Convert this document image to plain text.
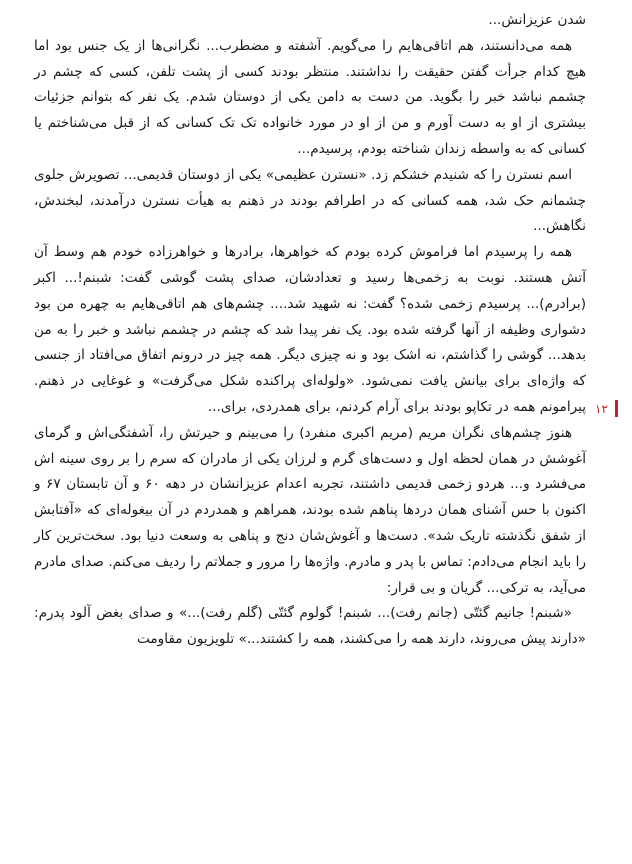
شدن عزیزانش...

همه می‌دانستند، هم اتاقی‌هایم را می‌گویم. آشفته و مضطرب... نگرانی‌ها از یک جنس بود اما هیچ کدام جرأت گفتن حقیقت را نداشتند. منتظر بودند کسی از پشت تلفن، کسی که چشم در چشمم نباشد خبر را بگوید. من دست به دامن یکی از دوستان شدم. یک نفر که بتوانم جزئیات بیشتری از او به دست آورم و من از او در مورد خانواده تک تک کسانی که از قبل می‌شناختم یا کسانی که به واسطه زندان شناخته بودم، پرسیدم...

اسم نسترن را که شنیدم خشکم زد. «نسترن عظیمی» یکی از دوستان قدیمی... تصویرش جلوی چشمانم حک شد، همه کسانی که در اطرافم بودند در ذهنم به هیأت نسترن درآمدند، لبخندش، نگاهش...

همه را پرسیدم اما فراموش کرده بودم که خواهرها، برادرها و خواهرزاده خودم هم وسط آن آتش هستند. نوبت به زخمی‌ها رسید و تعدادشان، صدای پشت گوشی گفت: شبنم!... اکبر (برادرم)... پرسیدم زخمی شده؟ گفت: نه شهید شد.... چشم‌های هم اتاقی‌هایم به چهره من بود دشواری وظیفه از آنها گرفته شده بود. یک نفر پیدا شد که چشم در چشمم نباشد و خبر را به من بدهد... گوشی را گذاشتم، نه اشک بود و نه چیزی دیگر. همه چیز در درونم اتفاق می‌افتاد از جنسی که واژه‌ای برای بیانش یافت نمی‌شود. «ولوله‌ای پراکنده شکل می‌گرفت» و غوغایی در ذهنم. پیرامونم همه در تکاپو بودند برای آرام کردنم، برای همدردی، برای...

هنوز چشم‌های نگران مریم (مریم اکبری منفرد) را می‌بینم و حیرتش را، آشفتگی‌اش و گرمای آغوشش در همان لحظه اول و دست‌های گرم و لرزان یکی از مادران که سرم را بر روی سینه اش می‌فشرد و... هردو زخمی قدیمی داشتند، تجربه اعدام عزیزانشان در دهه ۶۰ و آن تابستان ۶۷ و اکنون با حس آشنای همان دردها پناهم شده بودند، همراهم و همدردم در آن بیغوله‌ای که «آفتابش از شفق نگذشته تاریک شد». دست‌ها و آغوش‌شان دنج و پناهی به وسعت دنیا بود. سخت‌ترین کار را باید انجام می‌دادم: تماس با پدر و مادرم. واژه‌ها را مرور و جملاتم را ردیف می‌کنم. صدای مادرم می‌آید، به ترکی... گریان و بی قرار:

«شبنم! جانیم گئتّی (جانم رفت)... شبنم! گولوم گئتّی (گلم رفت)...» و صدای بغض آلود پدرم: «دارند پیش می‌روند، دارند همه را می‌کشند، همه را کشتند...» تلویزیون مقاومت

۱۲
